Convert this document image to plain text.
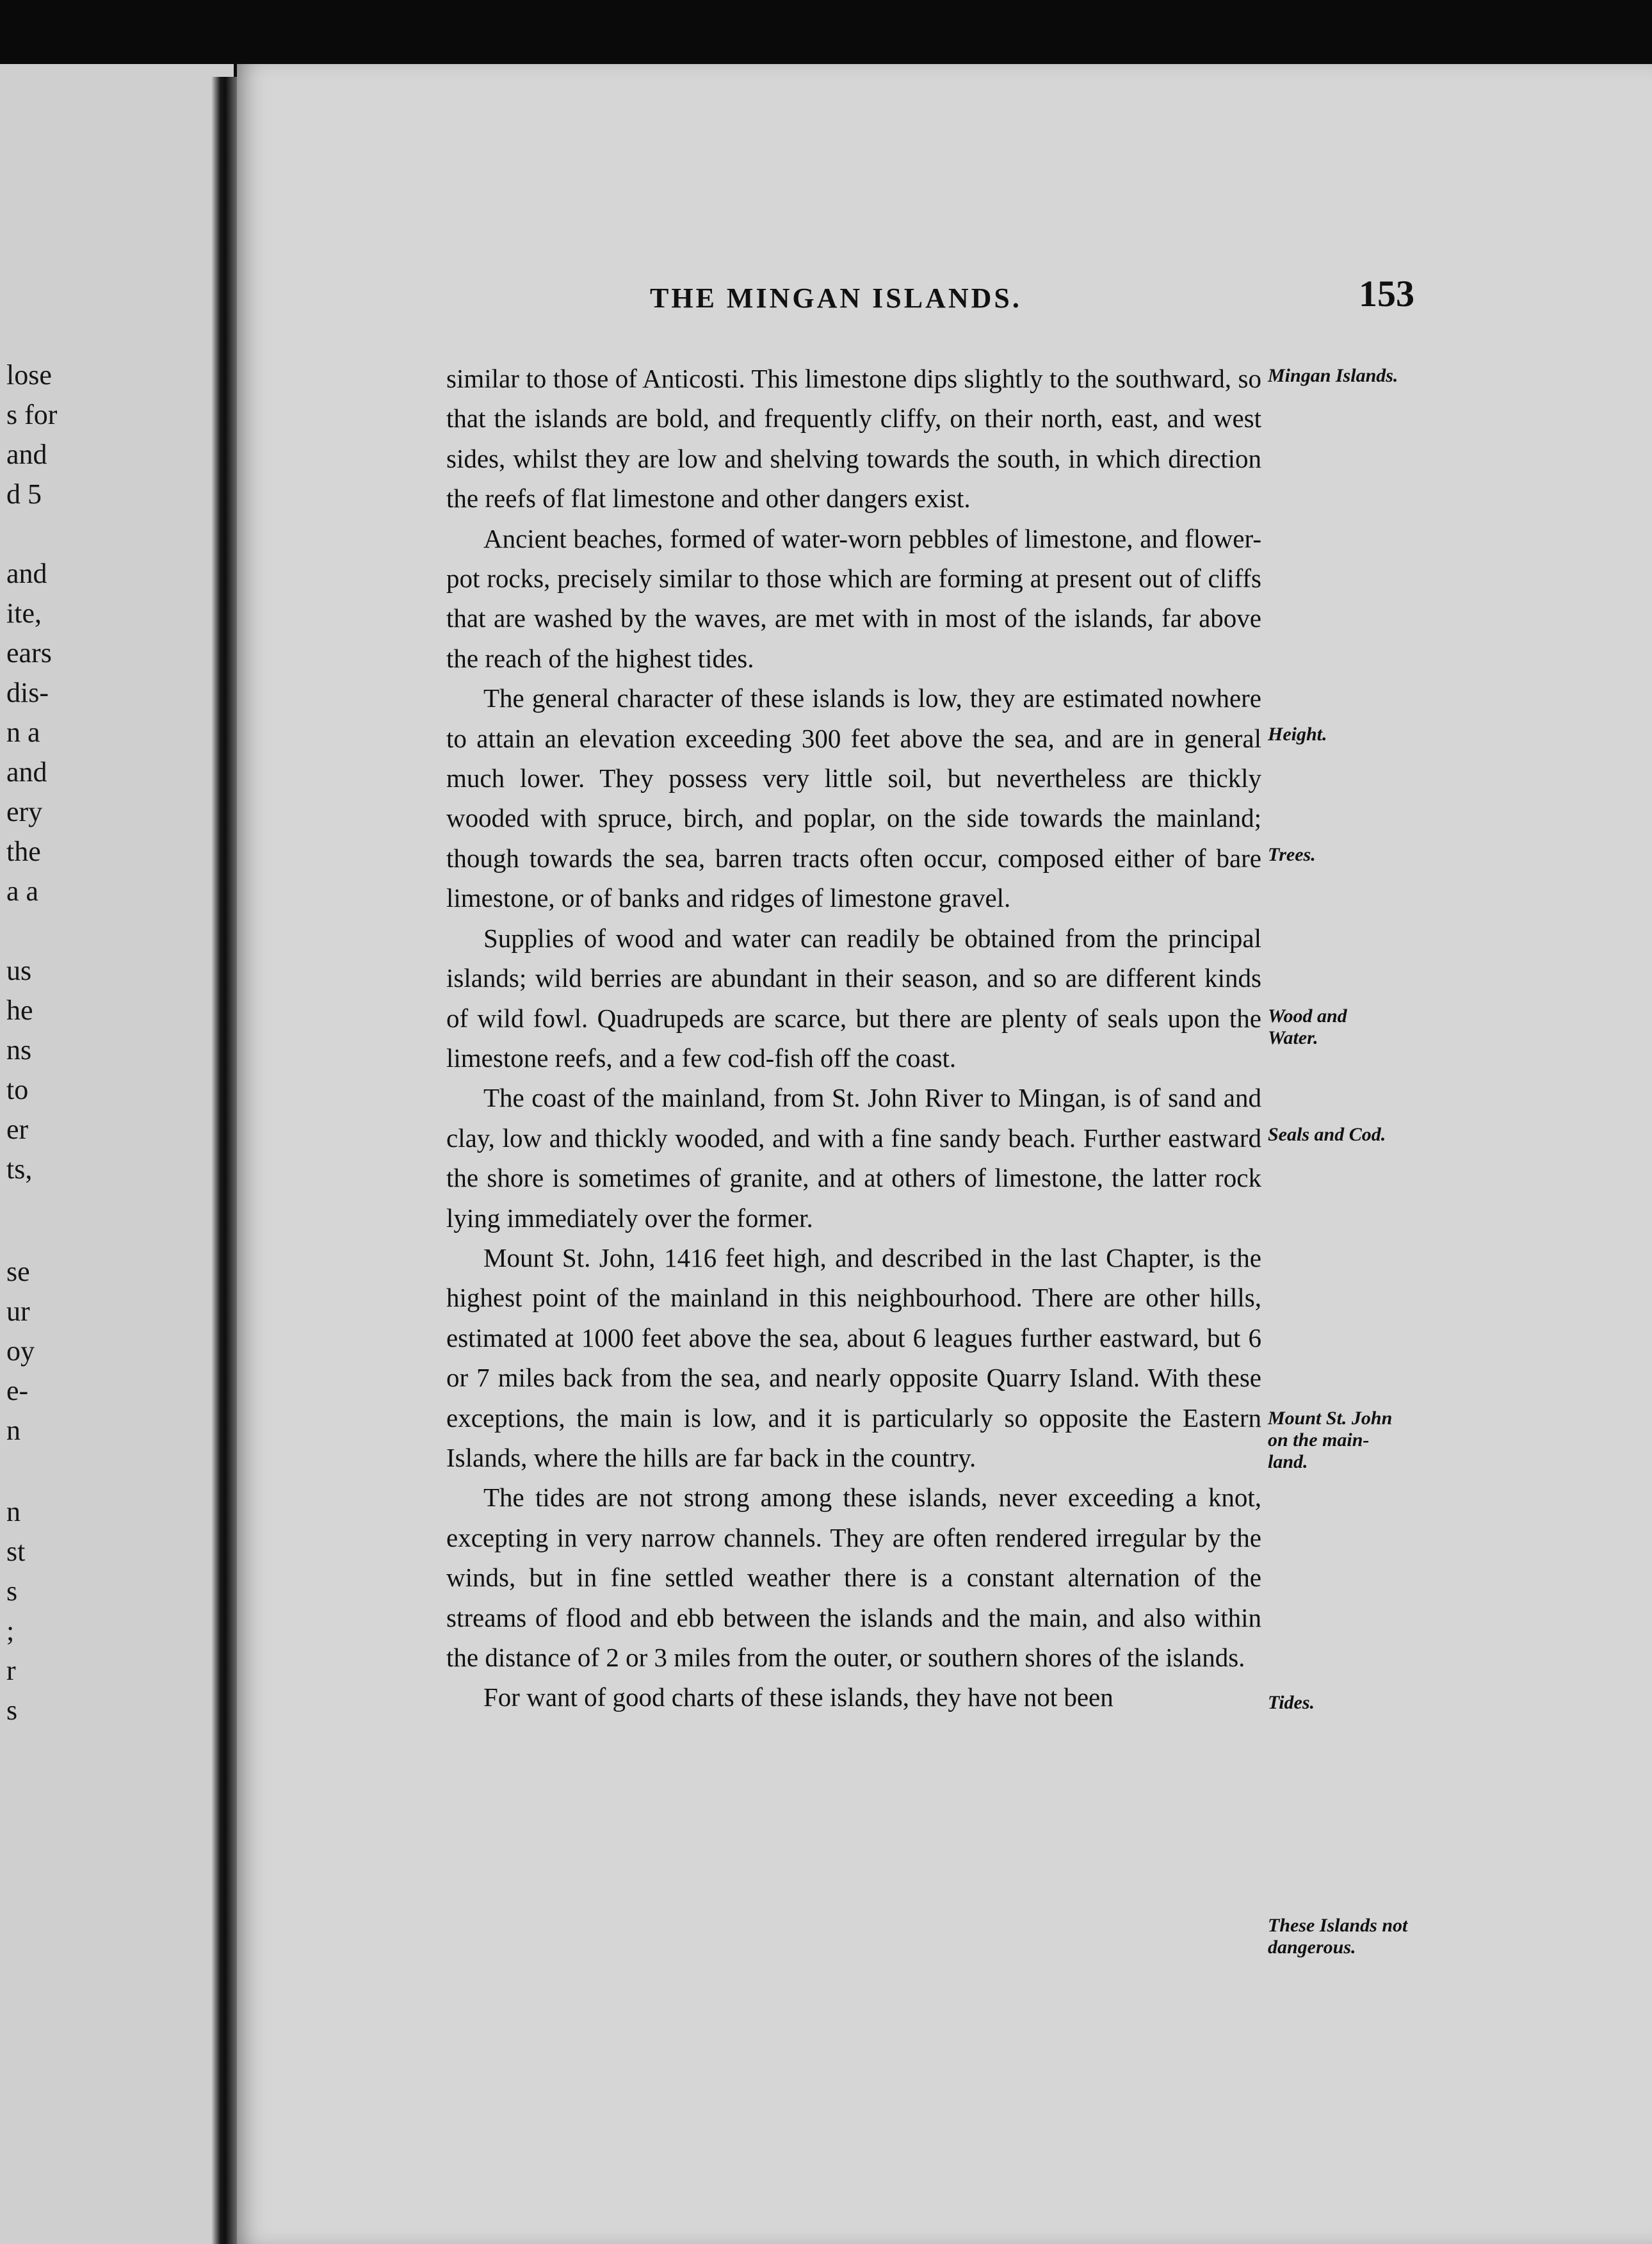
lose
s for
and
d 5
and
ite,
ears
dis-
n a
and
ery
the
a a
us
he
ns
to
er
ts,
se
ur
oy
e-
n
n
st
s
;
r
s
THE MINGAN ISLANDS.	153

similar to those of Anticosti. This limestone dips slightly to the southward, so that the islands are bold, and frequently cliffy, on their north, east, and west sides, whilst they are low and shelving towards the south, in which direction the reefs of flat limestone and other dangers exist.

Ancient beaches, formed of water-worn pebbles of limestone, and flower-pot rocks, precisely similar to those which are forming at present out of cliffs that are washed by the waves, are met with in most of the islands, far above the reach of the highest tides.

The general character of these islands is low, they are estimated nowhere to attain an elevation exceeding 300 feet above the sea, and are in general much lower. They possess very little soil, but nevertheless are thickly wooded with spruce, birch, and poplar, on the side towards the mainland; though towards the sea, barren tracts often occur, composed either of bare limestone, or of banks and ridges of limestone gravel.

Supplies of wood and water can readily be obtained from the principal islands; wild berries are abundant in their season, and so are different kinds of wild fowl. Quadrupeds are scarce, but there are plenty of seals upon the limestone reefs, and a few cod-fish off the coast.

The coast of the mainland, from St. John River to Mingan, is of sand and clay, low and thickly wooded, and with a fine sandy beach. Further eastward the shore is sometimes of granite, and at others of limestone, the latter rock lying immediately over the former.

Mount St. John, 1416 feet high, and described in the last Chapter, is the highest point of the mainland in this neighbourhood. There are other hills, estimated at 1000 feet above the sea, about 6 leagues further eastward, but 6 or 7 miles back from the sea, and nearly opposite Quarry Island. With these exceptions, the main is low, and it is particularly so opposite the Eastern Islands, where the hills are far back in the country.

The tides are not strong among these islands, never exceeding a knot, excepting in very narrow channels. They are often rendered irregular by the winds, but in fine settled weather there is a constant alternation of the streams of flood and ebb between the islands and the main, and also within the distance of 2 or 3 miles from the outer, or southern shores of the islands.

For want of good charts of these islands, they have not been

Mingan Islands.
Height.
Trees.
Wood and Water.
Seals and Cod.
Mount St. John on the main-land.
Tides.
These Islands not dangerous.
